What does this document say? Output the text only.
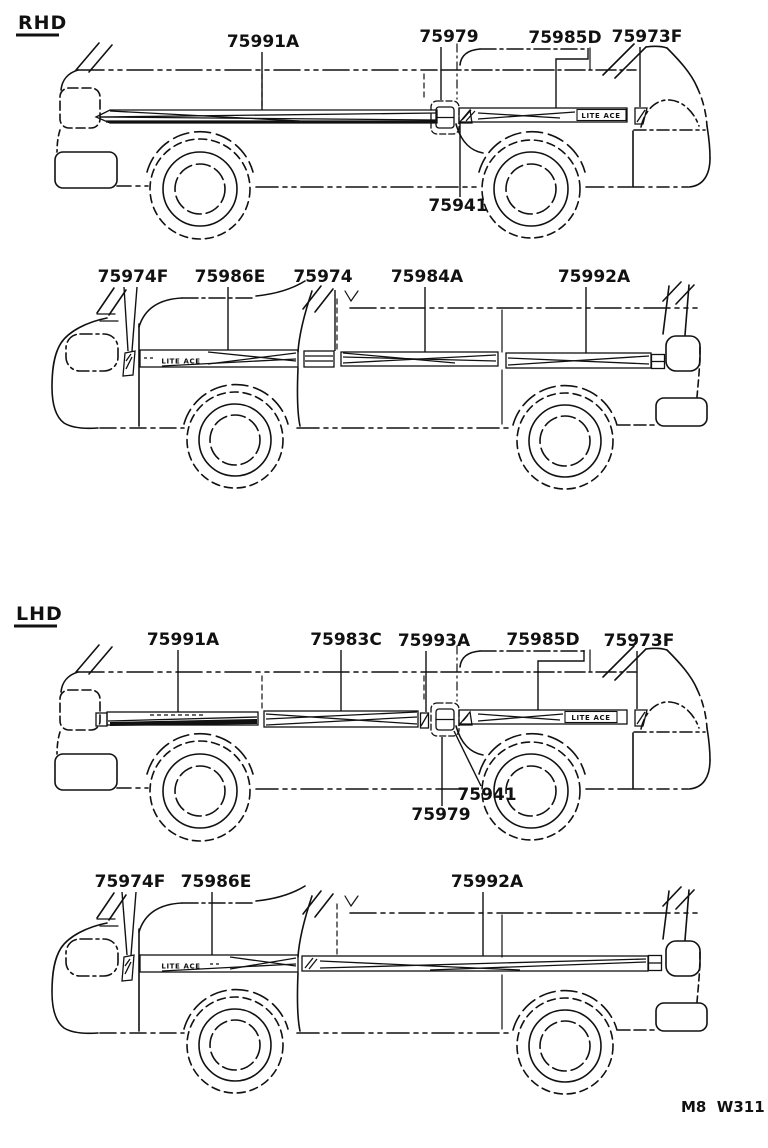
RHD
LHD
LITE ACE
75991A	75979	75985D 75973F
75941
LITE ACE
75974F 75986E 75974 75984A	75992A
LITE ACE
75991A	75983C 75993A 75985D 75973F
75941
75979
LITE ACE
75974F 75986E	75992A
M8  W311
